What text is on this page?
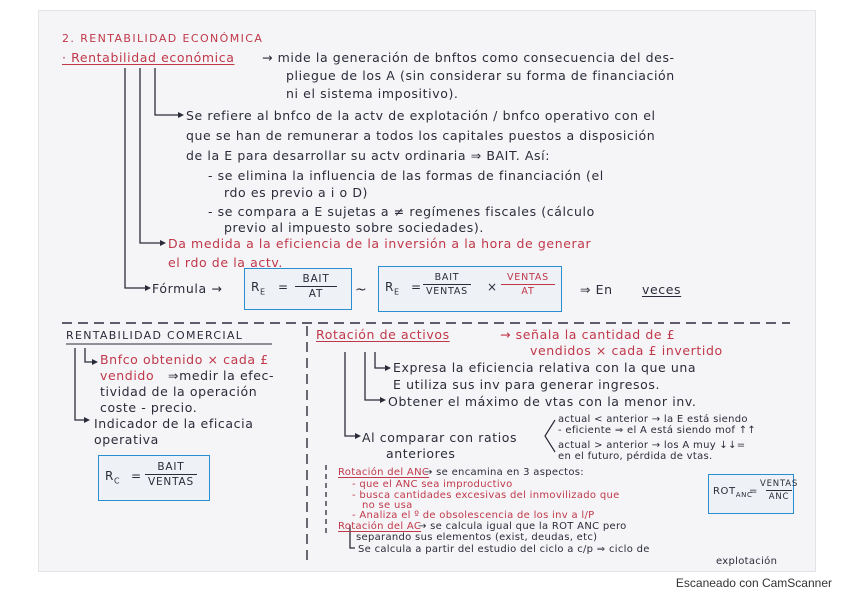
2. RENTABILIDAD ECONÓMICA
· Rentabilidad económica → mide la generación de bnftos como consecuencia del des-
pliegue de los A (sin considerar su forma de financiación
ni el sistema impositivo).
Se refiere al bnfco de la actv de explotación / bnfco operativo con el
que se han de remunerar a todos los capitales puestos a disposición
de la E para desarrollar su actv ordinaria ⇒ BAIT. Así:
- se elimina la influencia de las formas de financiación (el
rdo es previo a i o D)
- se compara a E sujetas a ≠ regímenes fiscales (cálculo
previo al impuesto sobre sociedades).
Da medida a la eficiencia de la inversión a la hora de generar
el rdo de la actv.
Fórmula → $R_E$ =
BAIT
AT	~ $R_E$ =
BAIT
VENTAS ×
VENTAS
AT	⇒ En veces
RENTABILIDAD COMERCIAL
Bnfco obtenido × cada £
vendido ⇒medir la efec-
tividad de la operación
coste - precio.
Indicador de la eficacia
operativa
$R_C$ =
BAIT
VENTAS
Rotación de activos	→ señala la cantidad de £
vendidos × cada £ invertido
Expresa la eficiencia relativa con la que una
E utiliza sus inv para generar ingresos.
Obtener el máximo de vtas con la menor inv.
Al comparar con ratios
anteriores
actual < anterior → la E está siendo
- eficiente ⇒ el A está siendo mof ↑↑
actual > anterior → los A muy ↓↓=
en el futuro, pérdida de vtas.
Rotación del ANC
→ se encamina en 3 aspectos:
- que el ANC sea improductivo
- busca cantidades excesivas del inmovilizado que
no se usa
- Analiza el º de obsolescencia de los inv a l/P
$ROT_{ANC}$
=
VENTAS
ANC
Rotación del AC
→ se calcula igual que la ROT ANC pero
separando sus elementos (exist, deudas, etc)
Se calcula a partir del estudio del ciclo a c/p ⇒ ciclo de
explotación
Escaneado con CamScanner
